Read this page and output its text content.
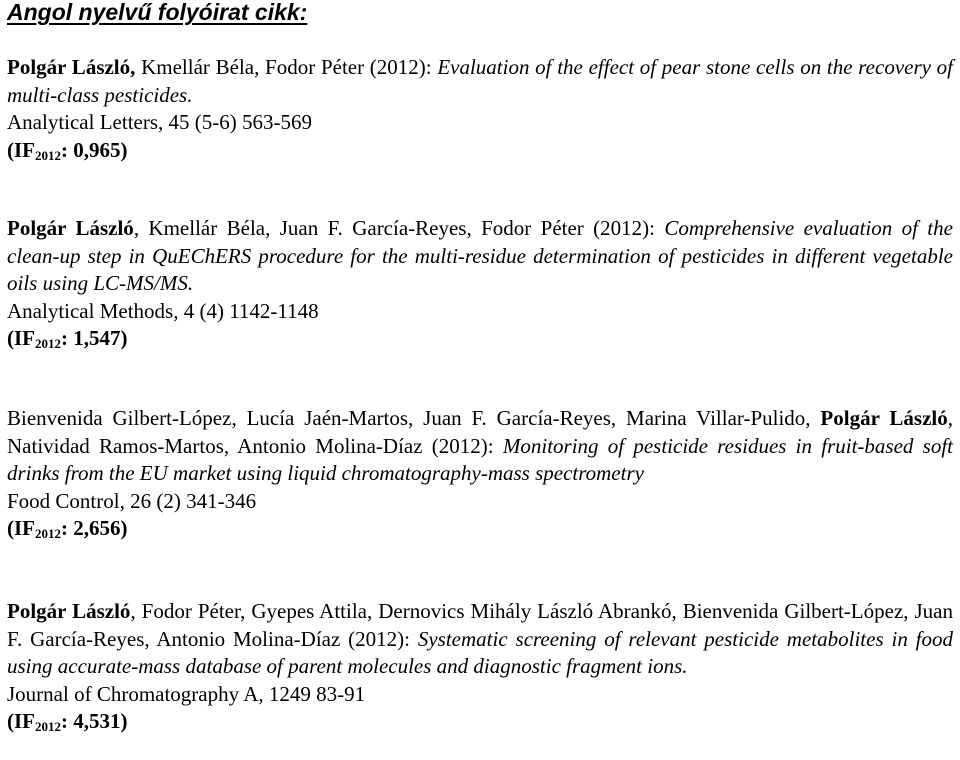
Angol nyelvű folyóirat cikk:

Polgár László, Kmellár Béla, Fodor Péter (2012): Evaluation of the effect of pear stone cells on the recovery of multi-class pesticides.

Analytical Letters, 45 (5-6) 563-569

($IF_{2012}$: 0,965)

Polgár László, Kmellár Béla, Juan F. García-Reyes, Fodor Péter (2012): Comprehensive evaluation of the clean-up step in QuEChERS procedure for the multi-residue determination of pesticides in different vegetable oils using LC-MS/MS.

Analytical Methods, 4 (4) 1142-1148

($IF_{2012}$: 1,547)

Bienvenida Gilbert-López, Lucía Jaén-Martos, Juan F. García-Reyes, Marina Villar-Pulido, Polgár László, Natividad Ramos-Martos, Antonio Molina-Díaz (2012): Monitoring of pesticide residues in fruit-based soft drinks from the EU market using liquid chromatography-mass spectrometry

Food Control, 26 (2) 341-346

($IF_{2012}$: 2,656)

Polgár László, Fodor Péter, Gyepes Attila, Dernovics Mihály László Abrankó, Bienvenida Gilbert-López, Juan F. García-Reyes, Antonio Molina-Díaz (2012): Systematic screening of relevant pesticide metabolites in food using accurate-mass database of parent molecules and diagnostic fragment ions.

Journal of Chromatography A, 1249 83-91

($IF_{2012}$: 4,531)
